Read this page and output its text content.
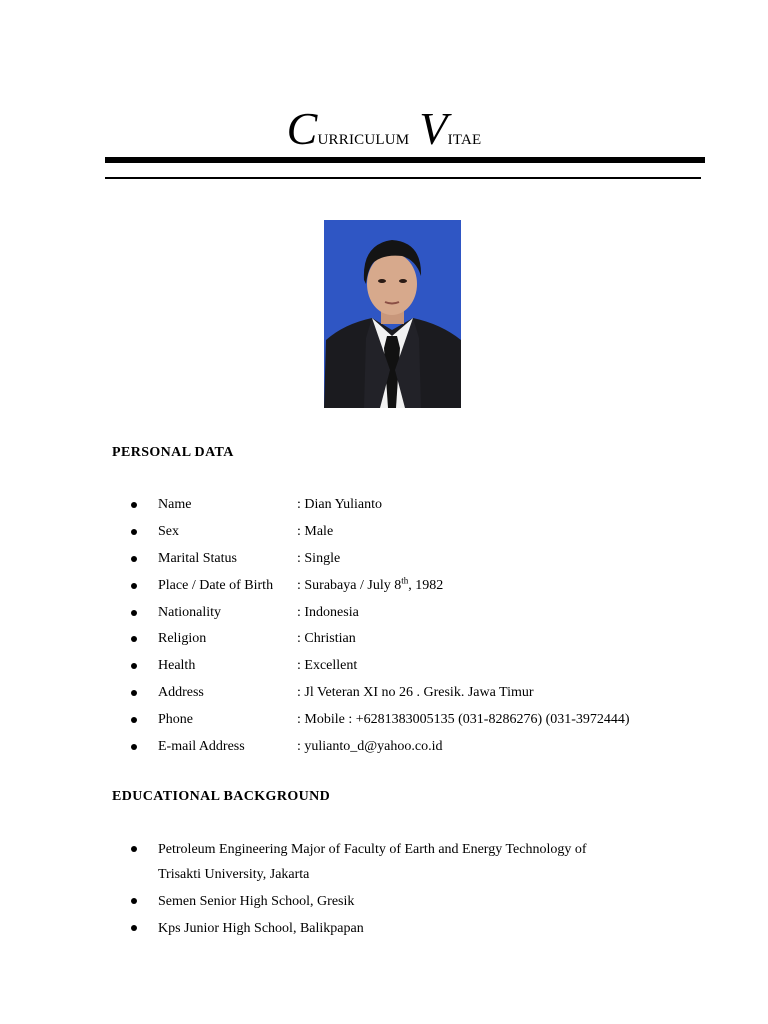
CURRICULUM VITAE
PERSONAL DATA
Name	: Dian Yulianto
Sex	: Male
Marital Status	: Single
Place / Date of Birth : Surabaya / July 8th, 1982
Nationality	: Indonesia
Religion	: Christian
Health	: Excellent
Address	: Jl Veteran XI no 26 . Gresik. Jawa Timur
Phone	: Mobile : +6281383005135 (031-8286276) (031-3972444)
E-mail Address	: yulianto_d@yahoo.co.id
EDUCATIONAL BACKGROUND
Petroleum Engineering Major of Faculty of Earth and Energy Technology of
Trisakti University, Jakarta
Semen Senior High School, Gresik
Kps Junior High School, Balikpapan
